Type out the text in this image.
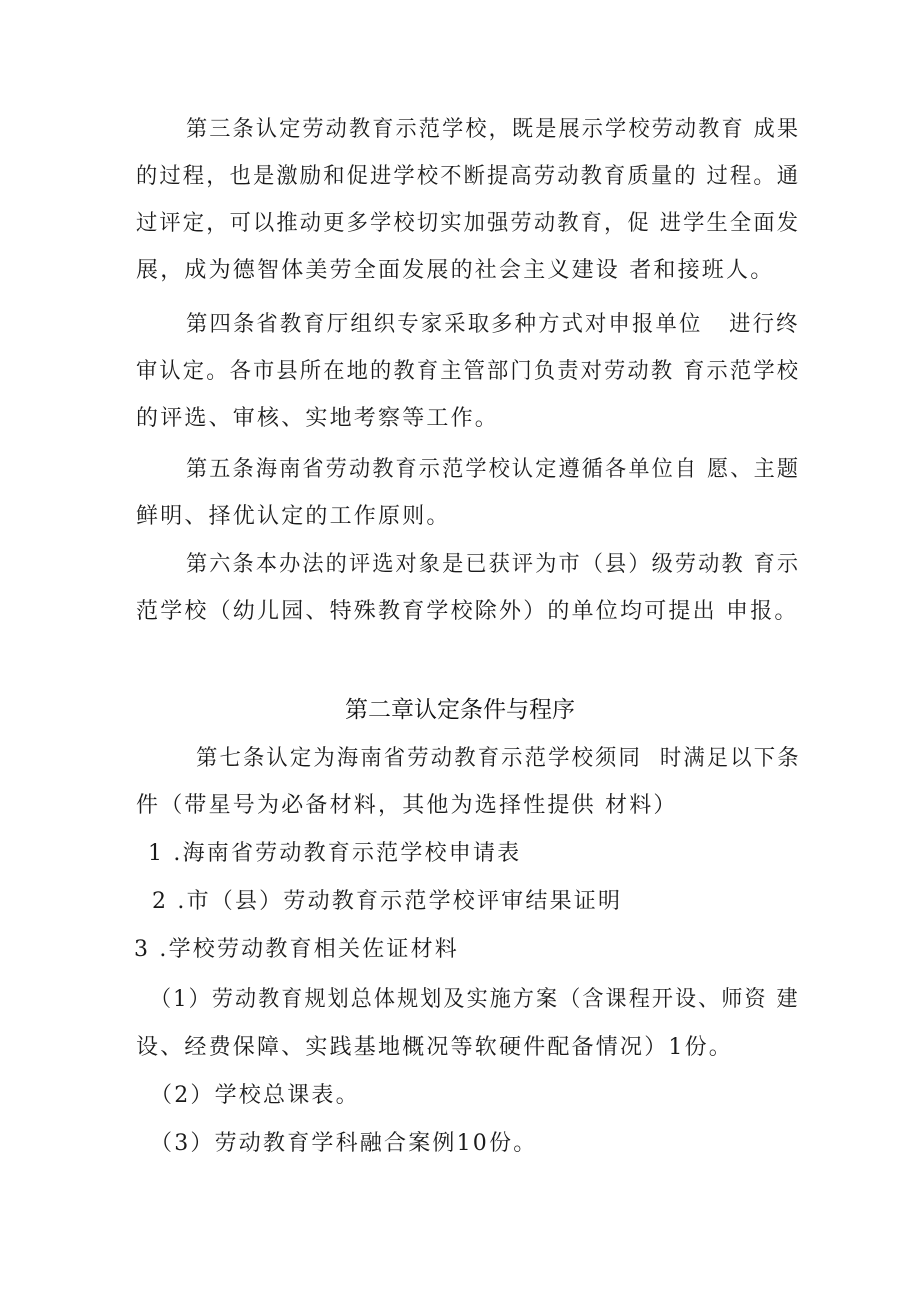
第三条认定劳动教育示范学校，既是展示学校劳动教育 成果
的过程，也是激励和促进学校不断提高劳动教育质量的 过程。通
过评定，可以推动更多学校切实加强劳动教育，促 进学生全面发
展，成为德智体美劳全面发展的社会主义建设 者和接班人。
第四条省教育厅组织专家采取多种方式对申报单位   进行终
审认定。各市县所在地的教育主管部门负责对劳动教 育示范学校
的评选、审核、实地考察等工作。
第五条海南省劳动教育示范学校认定遵循各单位自 愿、主题
鲜明、择优认定的工作原则。
第六条本办法的评选对象是已获评为市（县）级劳动教 育示
范学校（幼儿园、特殊教育学校除外）的单位均可提出 申报。
第二章认定条件与程序
第七条认定为海南省劳动教育示范学校须同  时满足以下条
件（带星号为必备材料，其他为选择性提供 材料）
1 .海南省劳动教育示范学校申请表
2 .市（县）劳动教育示范学校评审结果证明
3 .学校劳动教育相关佐证材料
（1）劳动教育规划总体规划及实施方案（含课程开设、师资 建
设、经费保障、实践基地概况等软硬件配备情况）1份。
（2）学校总课表。
（3）劳动教育学科融合案例10份。
